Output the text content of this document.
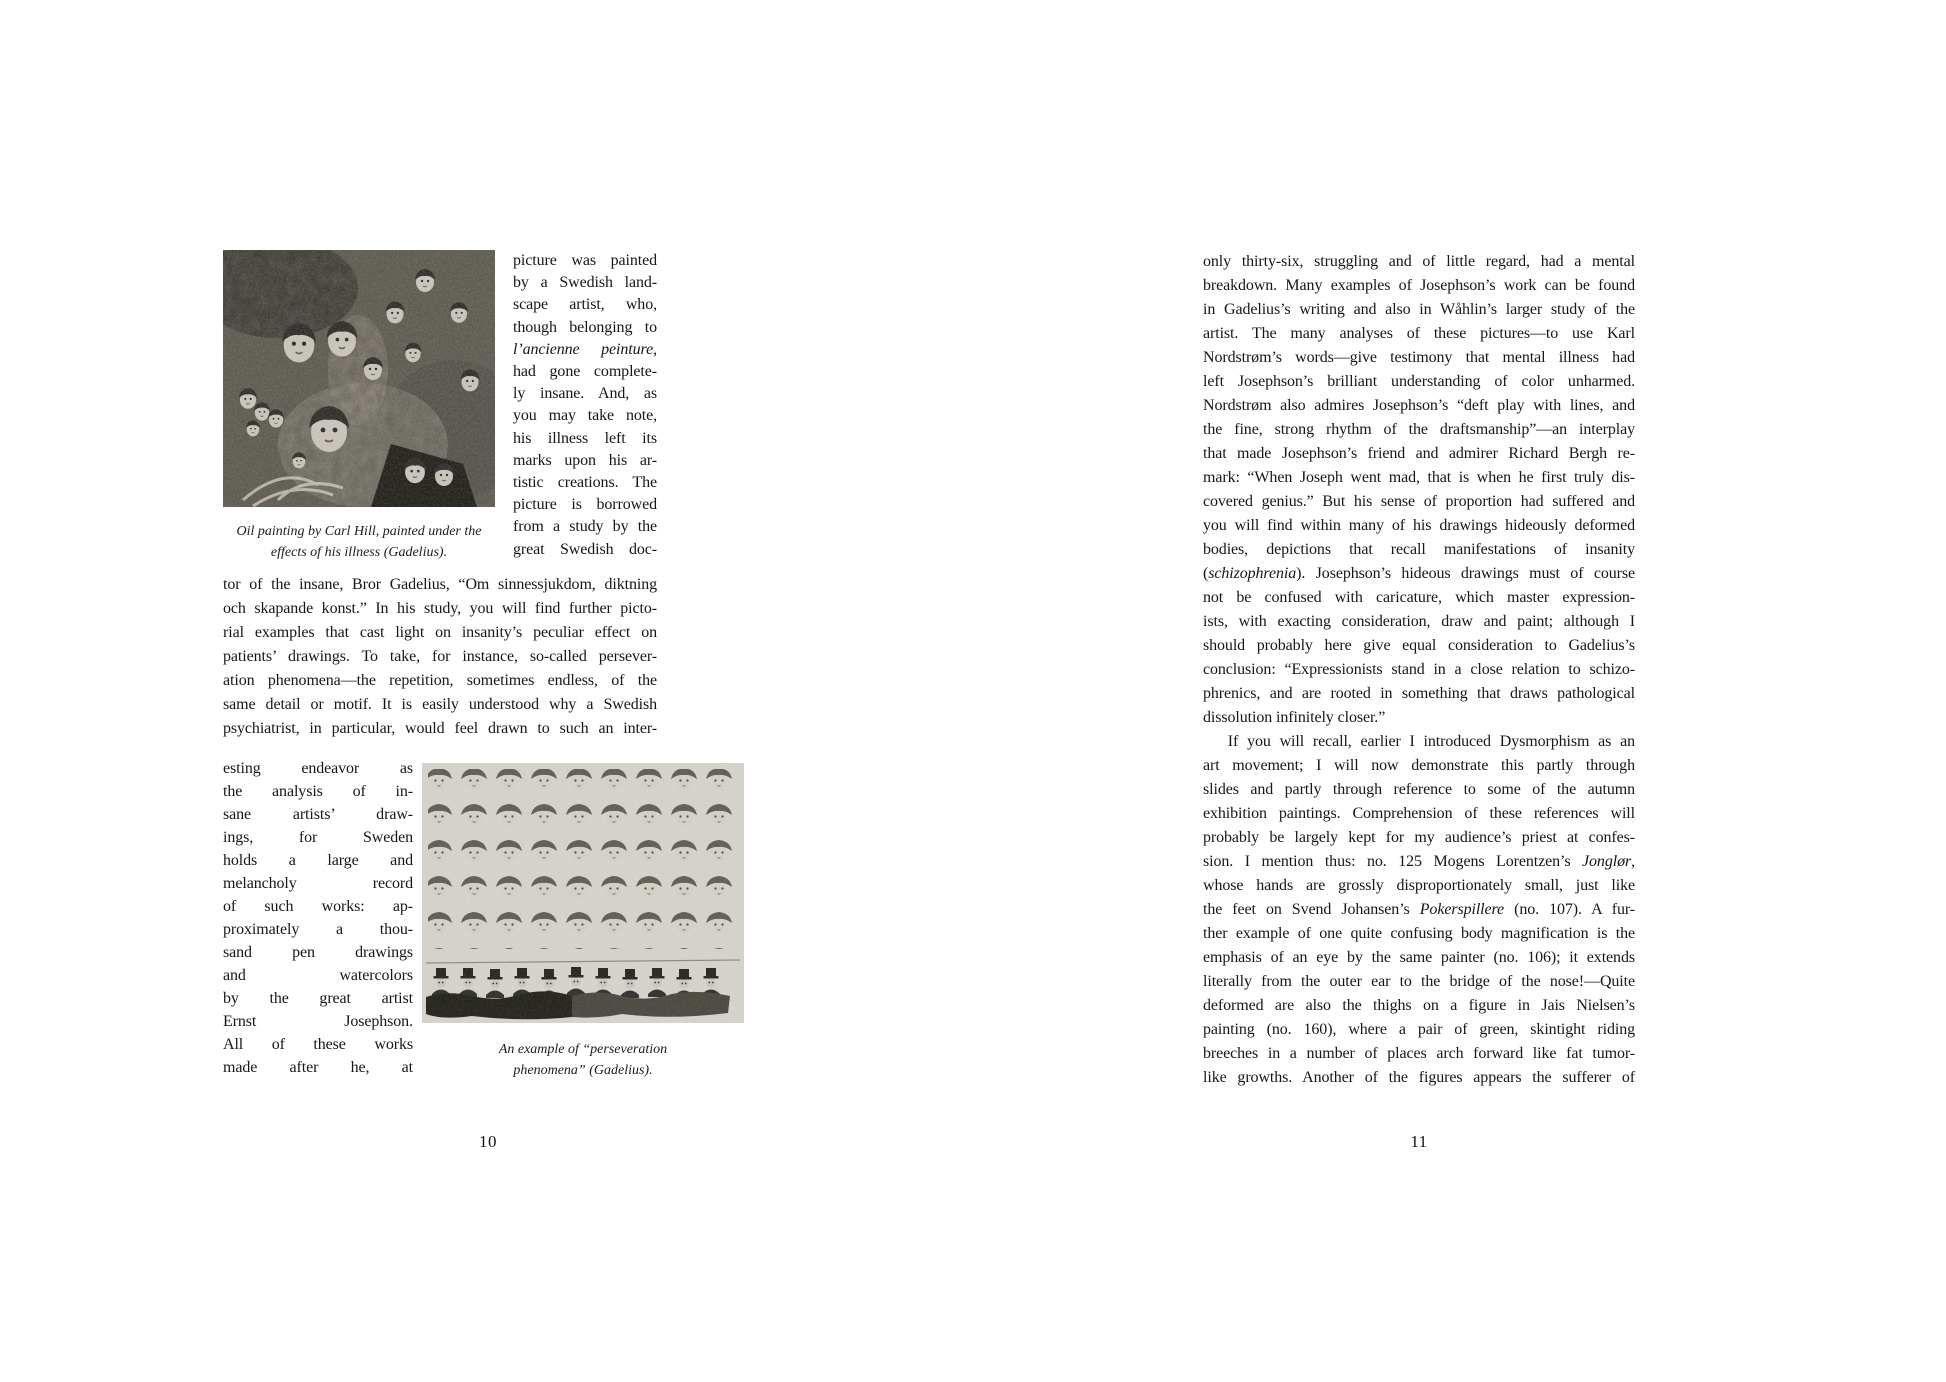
Oil painting by Carl Hill, painted under the
effects of his illness (Gadelius).
picture was painted
by a Swedish land-
scape artist, who,
though belonging to
l’ancienne peinture,
had gone complete-
ly insane. And, as
you may take note,
his illness left its
marks upon his ar-
tistic creations. The
picture is borrowed
from a study by the
great Swedish doc-
tor of the insane, Bror Gadelius, “Om sinnessjukdom, diktning
och skapande konst.” In his study, you will find further picto-
rial examples that cast light on insanity’s peculiar effect on
patients’ drawings. To take, for instance, so-called persever-
ation phenomena—the repetition, sometimes endless, of the
same detail or motif. It is easily understood why a Swedish
psychiatrist, in particular, would feel drawn to such an inter-
esting endeavor as
the analysis of in-
sane artists’ draw-
ings, for Sweden
holds a large and
melancholy record
of such works: ap-
proximately a thou-
sand pen drawings
and watercolors
by the great artist
Ernst Josephson.
All of these works
made after he, at
An example of “perseveration
phenomena” (Gadelius).
10
only thirty-six, struggling and of little regard, had a mental
breakdown. Many examples of Josephson’s work can be found
in Gadelius’s writing and also in Wåhlin’s larger study of the
artist. The many analyses of these pictures—to use Karl
Nordstrøm’s words—give testimony that mental illness had
left Josephson’s brilliant understanding of color unharmed.
Nordstrøm also admires Josephson’s “deft play with lines, and
the fine, strong rhythm of the draftsmanship”—an interplay
that made Josephson’s friend and admirer Richard Bergh re-
mark: “When Joseph went mad, that is when he first truly dis-
covered genius.” But his sense of proportion had suffered and
you will find within many of his drawings hideously deformed
bodies, depictions that recall manifestations of insanity
(schizophrenia). Josephson’s hideous drawings must of course
not be confused with caricature, which master expression-
ists, with exacting consideration, draw and paint; although I
should probably here give equal consideration to Gadelius’s
conclusion: “Expressionists stand in a close relation to schizo-
phrenics, and are rooted in something that draws pathological
dissolution infinitely closer.”
If you will recall, earlier I introduced Dysmorphism as an
art movement; I will now demonstrate this partly through
slides and partly through reference to some of the autumn
exhibition paintings. Comprehension of these references will
probably be largely kept for my audience’s priest at confes-
sion. I mention thus: no. 125 Mogens Lorentzen’s Jonglør,
whose hands are grossly disproportionately small, just like
the feet on Svend Johansen’s Pokerspillere (no. 107). A fur-
ther example of one quite confusing body magnification is the
emphasis of an eye by the same painter (no. 106); it extends
literally from the outer ear to the bridge of the nose!—Quite
deformed are also the thighs on a figure in Jais Nielsen’s
painting (no. 160), where a pair of green, skintight riding
breeches in a number of places arch forward like fat tumor-
like growths. Another of the figures appears the sufferer of
11
